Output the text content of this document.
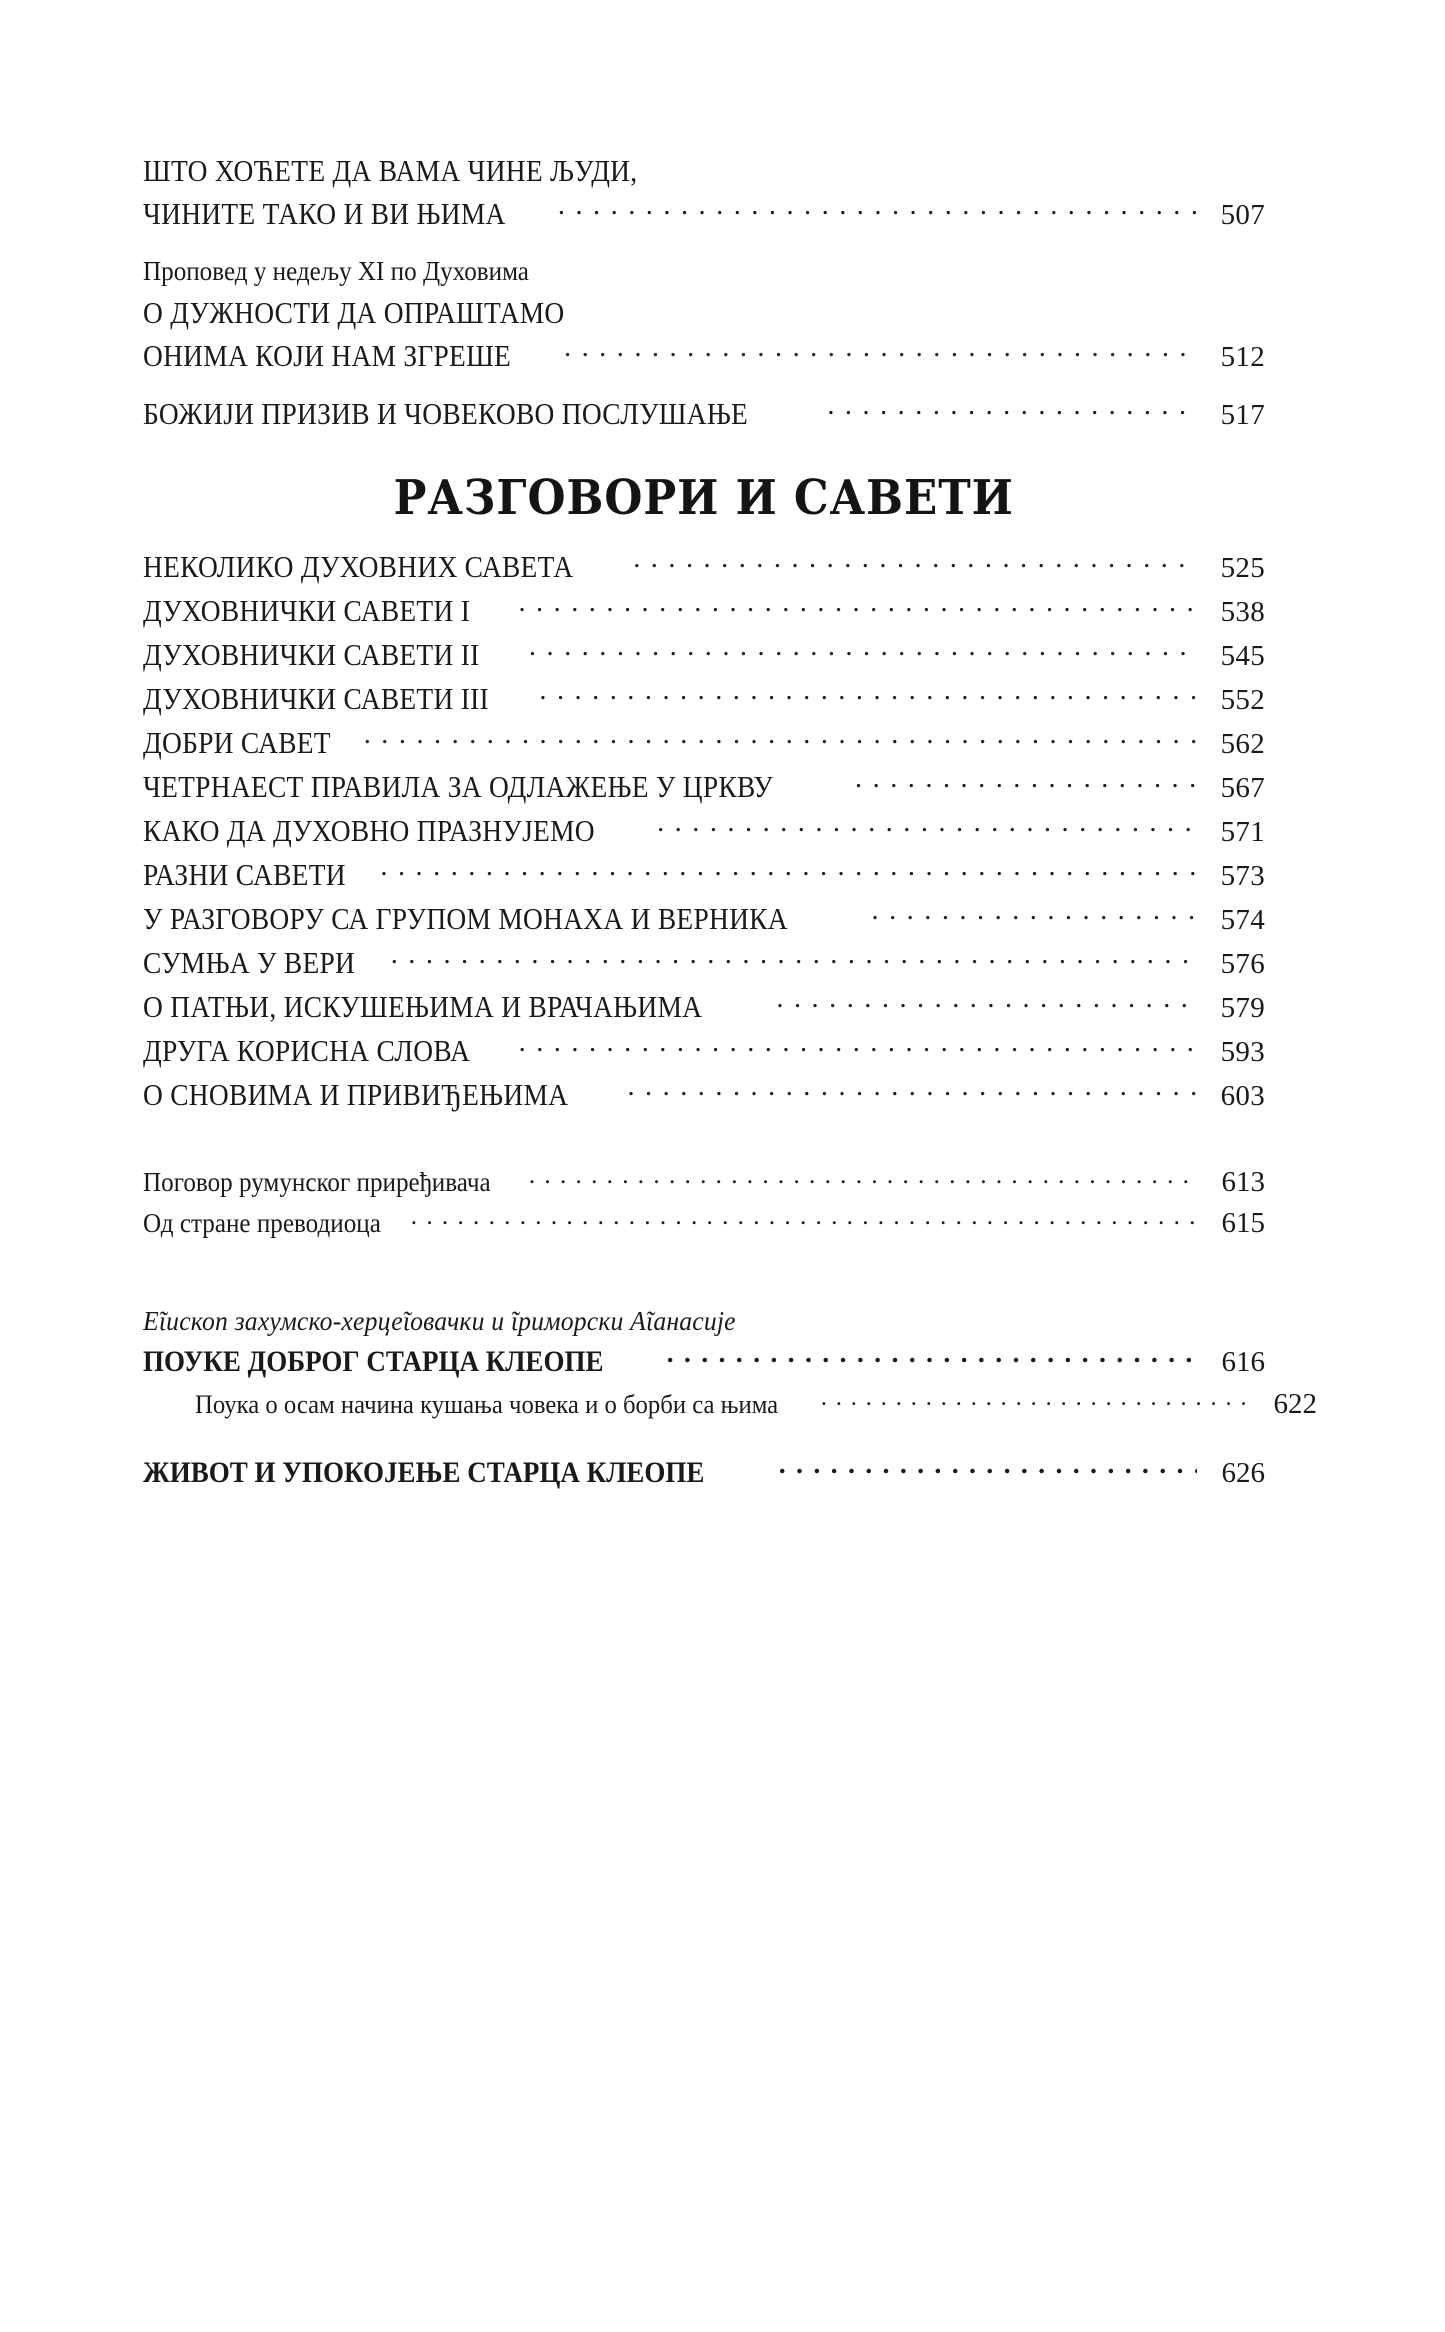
ШТО ХОЋЕТЕ ДА ВАМА ЧИНЕ ЉУДИ,
ЧИНИТЕ ТАКО И ВИ ЊИМА . . .	507
Проповед у недељу XI по Духовима
О ДУЖНОСТИ ДА ОПРАШТАМО
ОНИМА КОЈИ НАМ ЗГРЕШЕ . . .	512
БОЖИЈИ ПРИЗИВ И ЧОВЕКОВО ПОСЛУШАЊЕ . . .	517
РАЗГОВОРИ И САВЕТИ
НЕКОЛИКО ДУХОВНИХ САВЕТА . . .	525
ДУХОВНИЧКИ САВЕТИ I . . .	538
ДУХОВНИЧКИ САВЕТИ II . . .	545
ДУХОВНИЧКИ САВЕТИ III . . .	552
ДОБРИ САВЕТ . . .	562
ЧЕТРНАЕСТ ПРАВИЛА ЗА ОДЛАЖЕЊЕ У ЦРКВУ . . .	567
КАКО ДА ДУХОВНО ПРАЗНУЈЕМО . . .	571
РАЗНИ САВЕТИ . . .	573
У РАЗГОВОРУ СА ГРУПОМ МОНАХА И ВЕРНИКА . . .	574
СУМЊА У ВЕРИ . . .	576
О ПАТЊИ, ИСКУШЕЊИМА И ВРАЧАЊИМА . . .	579
ДРУГА КОРИСНА СЛОВА . . .	593
О СНОВИМА И ПРИВИЂЕЊИМА . . .	603
Поговор румунског приређивача . . .	613
Од стране преводиоца . . .	615
Еῖископ захумско-херцеῖовачки и ῖриморски Аῖанасије
ПОУКЕ ДОБРОГ СТАРЦА КЛЕОПЕ . . .	616
Поука о осам начина кушања човека и о борби са њима . . .	622
ЖИВОТ И УПОКОЈЕЊЕ СТАРЦА КЛЕОПЕ . . .	626
